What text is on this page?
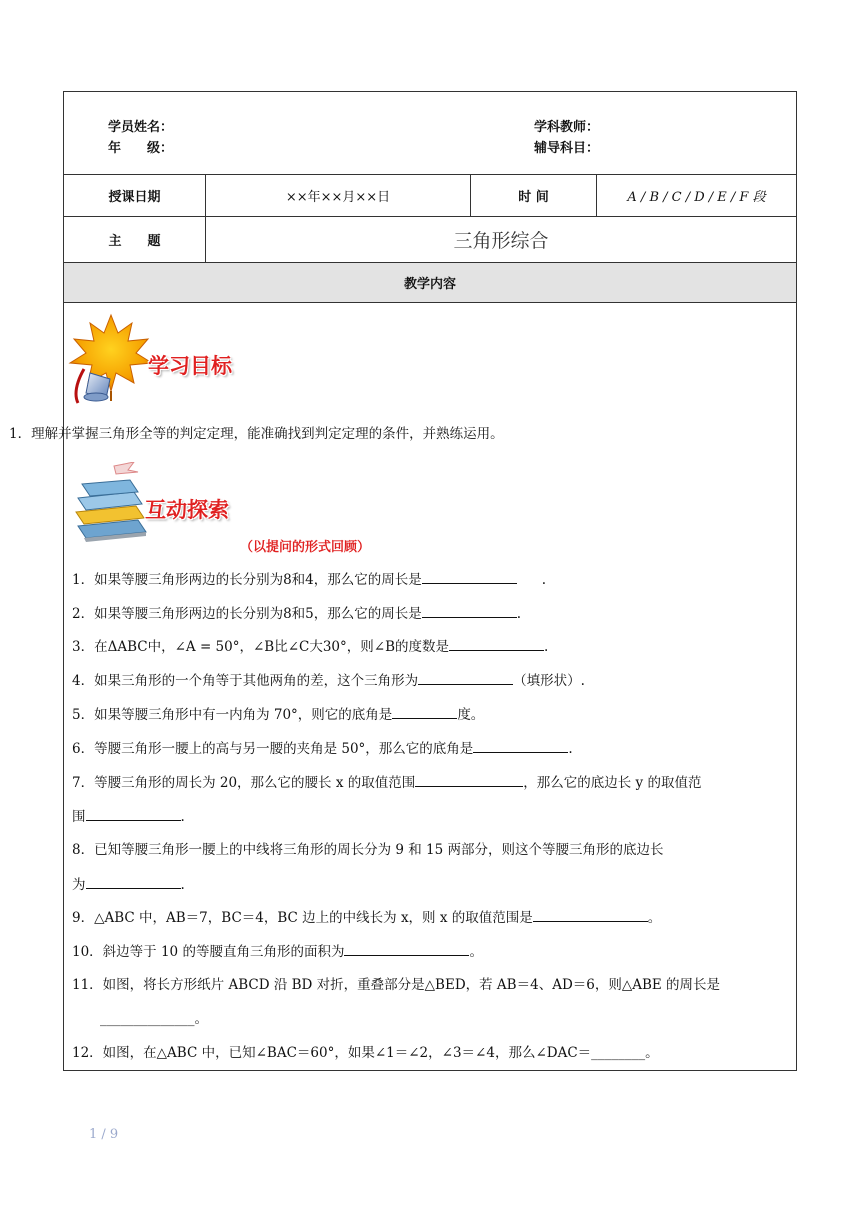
学员姓名：
年　　级：
学科教师：
辅导科目：
授课日期	××年××月××日	时 间	A / B / C / D / E / F 段
主　　题	三角形综合
教学内容
学习目标
1．理解并掌握三角形全等的判定定理，能准确找到判定定理的条件，并熟练运用。
互动探索
（以提问的形式回顾）
1．如果等腰三角形两边的长分别为8和4，那么它的周长是	.
2．如果等腰三角形两边的长分别为8和5，那么它的周长是	.
3．在ΔABC中，∠A = 50°，∠B比∠C大30°，则∠B的度数是	.
4．如果三角形的一个角等于其他两角的差，这个三角形为	（填形状）.
5．如果等腰三角形中有一内角为 70°，则它的底角是	度。
6．等腰三角形一腰上的高与另一腰的夹角是 50°，那么它的底角是	.
7．等腰三角形的周长为 20，那么它的腰长 x 的取值范围	，那么它的底边长 y 的取值范
围	.
8．已知等腰三角形一腰上的中线将三角形的周长分为 9 和 15 两部分，则这个等腰三角形的底边长
为	.
9．△ABC 中，AB＝7，BC＝4，BC 边上的中线长为 x，则 x 的取值范围是	。
10．斜边等于 10 的等腰直角三角形的面积为	。
11．如图，将长方形纸片 ABCD 沿 BD 对折，重叠部分是△BED，若 AB＝4、AD＝6，则△ABE 的周长是
______________。
12．如图，在△ABC 中，已知∠BAC＝60°，如果∠1＝∠2，∠3＝∠4，那么∠DAC＝________。
1 / 9
